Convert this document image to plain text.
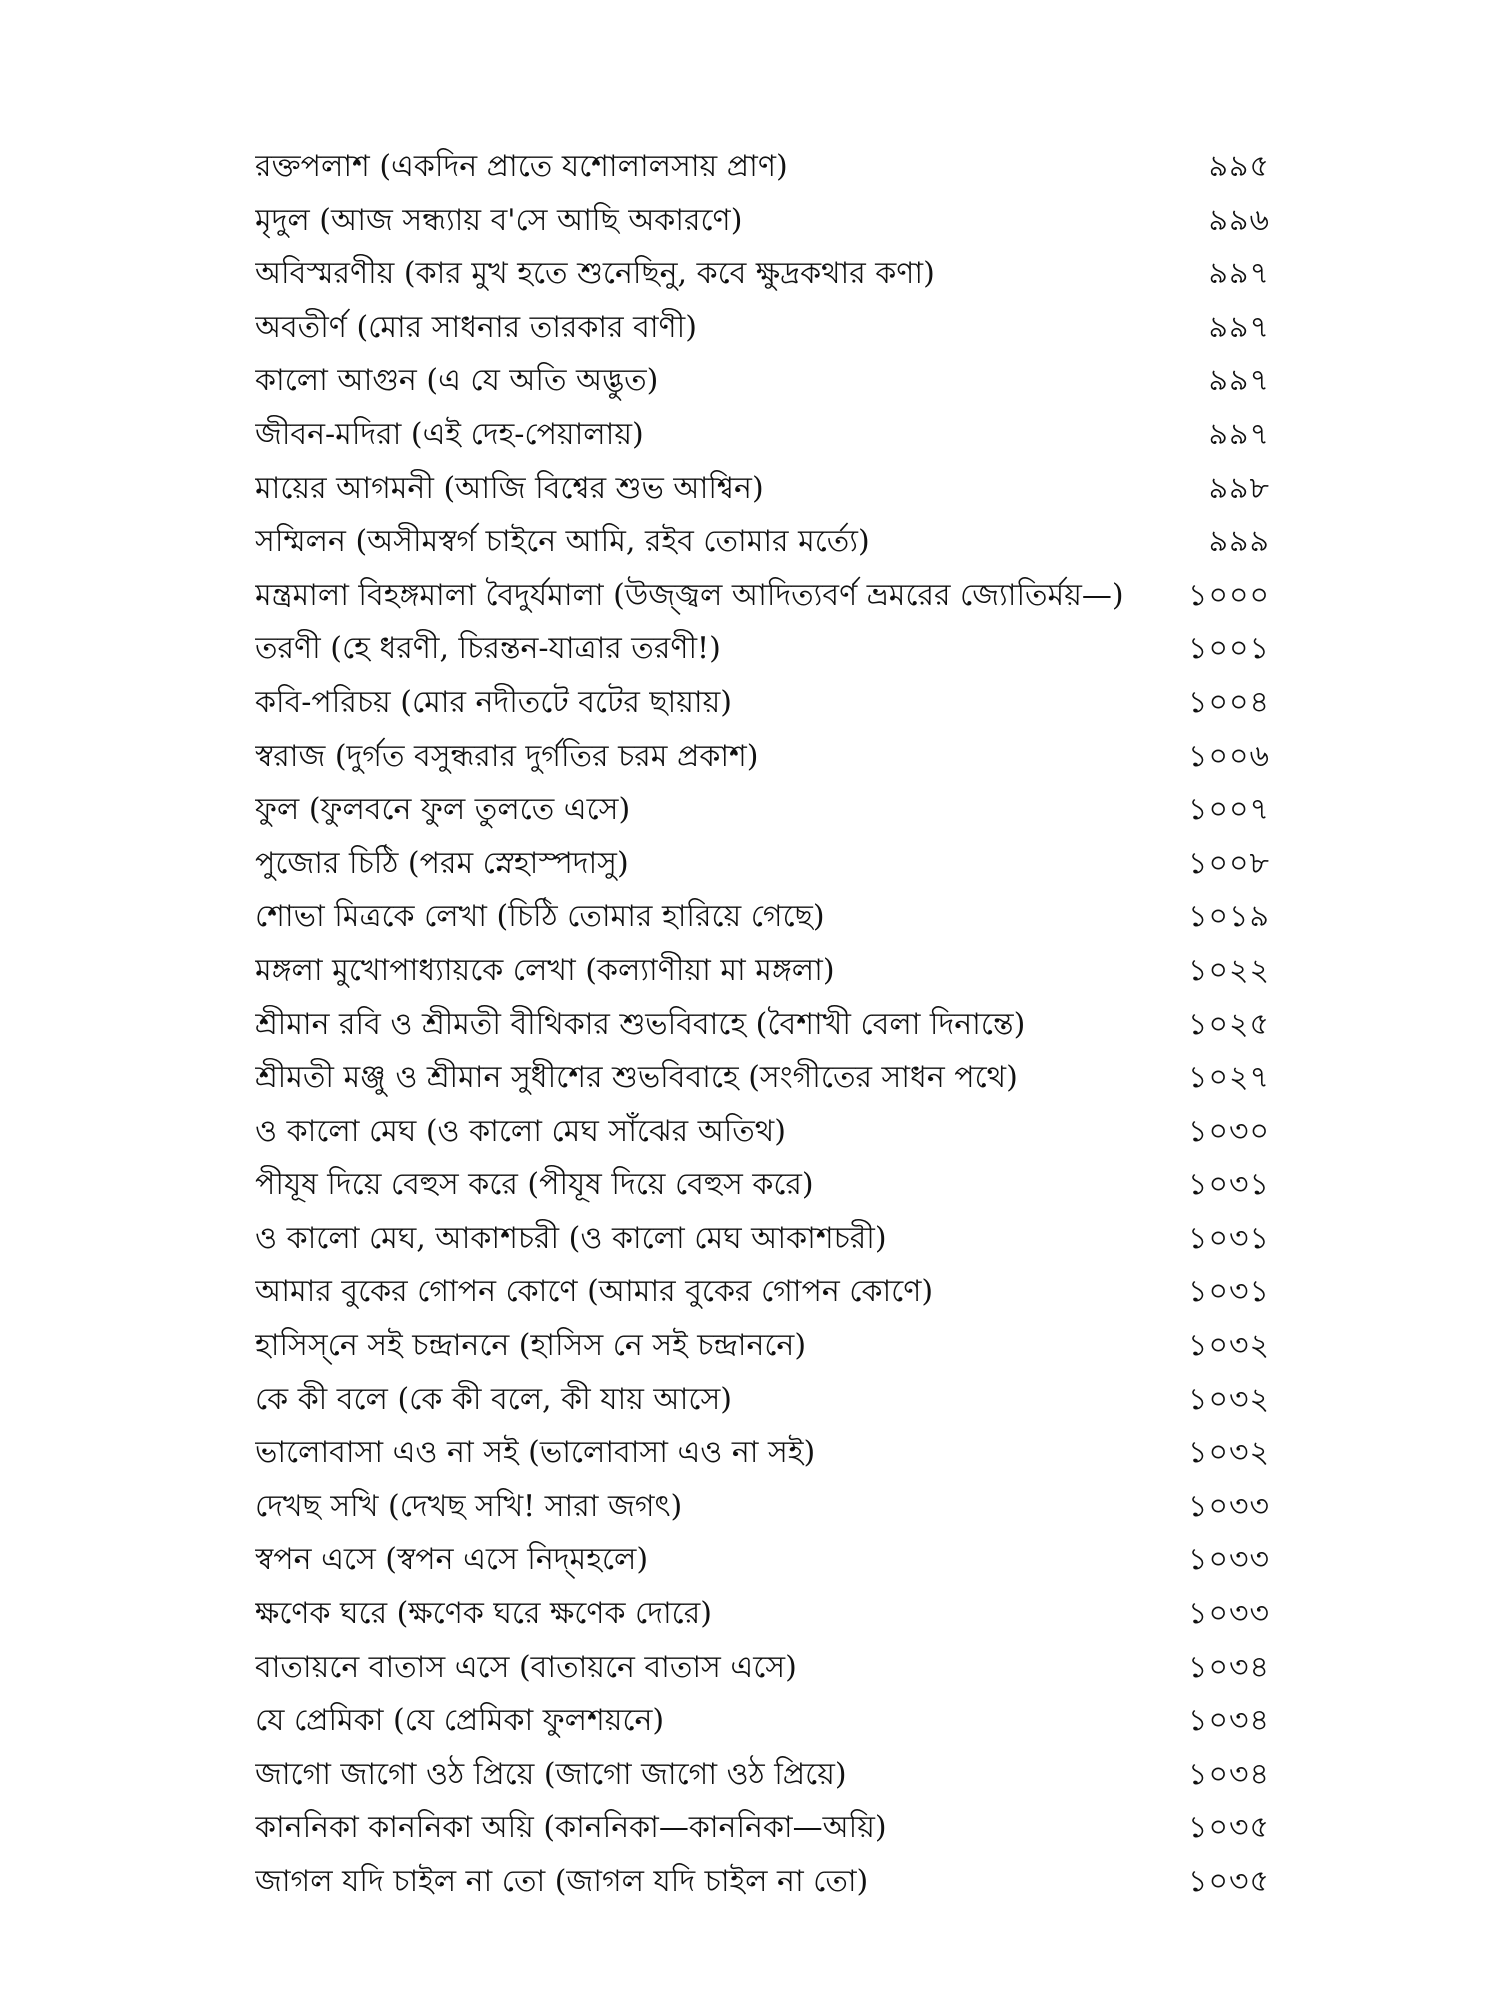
রক্তপলাশ (একদিন প্রাতে যশোলালসায় প্রাণ)	৯৯৫
মৃদুল (আজ সন্ধ্যায় ব'সে আছি অকারণে)	৯৯৬
অবিস্মরণীয় (কার মুখ হতে শুনেছিনু, কবে ক্ষুদ্রকথার কণা)	৯৯৭
অবতীর্ণ (মোর সাধনার তারকার বাণী)	৯৯৭
কালো আগুন (এ যে অতি অদ্ভুত)	৯৯৭
জীবন-মদিরা (এই দেহ-পেয়ালায়)	৯৯৭
মায়ের আগমনী (আজি বিশ্বের শুভ আশ্বিন)	৯৯৮
সম্মিলন (অসীমস্বর্গ চাইনে আমি, রইব তোমার মর্ত্যে)	৯৯৯
মন্ত্রমালা বিহঙ্গমালা বৈদুর্যমালা (উজ্জ্বল আদিত্যবর্ণ ভ্রমরের জ্যোতির্ময়—)	১০০০
তরণী (হে ধরণী, চিরন্তন-যাত্রার তরণী!)	১০০১
কবি-পরিচয় (মোর নদীতটে বটের ছায়ায়)	১০০৪
স্বরাজ (দুর্গত বসুন্ধরার দুর্গতির চরম প্রকাশ)	১০০৬
ফুল (ফুলবনে ফুল তুলতে এসে)	১০০৭
পুজোর চিঠি (পরম স্নেহাস্পদাসু)	১০০৮
শোভা মিত্রকে লেখা (চিঠি তোমার হারিয়ে গেছে)	১০১৯
মঙ্গলা মুখোপাধ্যায়কে লেখা (কল্যাণীয়া মা মঙ্গলা)	১০২২
শ্রীমান রবি ও শ্রীমতী বীথিকার শুভবিবাহে (বৈশাখী বেলা দিনান্তে)	১০২৫
শ্রীমতী মঞ্জু ও শ্রীমান সুধীশের শুভবিবাহে (সংগীতের সাধন পথে)	১০২৭
ও কালো মেঘ (ও কালো মেঘ সাঁঝের অতিথ)	১০৩০
পীযূষ দিয়ে বেহুস করে (পীযূষ দিয়ে বেহুস করে)	১০৩১
ও কালো মেঘ, আকাশচরী (ও কালো মেঘ আকাশচরী)	১০৩১
আমার বুকের গোপন কোণে (আমার বুকের গোপন কোণে)	১০৩১
হাসিস্‌নে সই চন্দ্রাননে (হাসিস নে সই চন্দ্রাননে)	১০৩২
কে কী বলে (কে কী বলে, কী যায় আসে)	১০৩২
ভালোবাসা এও না সই (ভালোবাসা এও না সই)	১০৩২
দেখছ সখি (দেখছ সখি! সারা জগৎ)	১০৩৩
স্বপন এসে (স্বপন এসে নিদ্‌মহলে)	১০৩৩
ক্ষণেক ঘরে (ক্ষণেক ঘরে ক্ষণেক দোরে)	১০৩৩
বাতায়নে বাতাস এসে (বাতায়নে বাতাস এসে)	১০৩৪
যে প্রেমিকা (যে প্রেমিকা ফুলশয়নে)	১০৩৪
জাগো জাগো ওঠ প্রিয়ে (জাগো জাগো ওঠ প্রিয়ে)	১০৩৪
কাননিকা কাননিকা অয়ি (কাননিকা—কাননিকা—অয়ি)	১০৩৫
জাগল যদি চাইল না তো (জাগল যদি চাইল না তো)	১০৩৫
